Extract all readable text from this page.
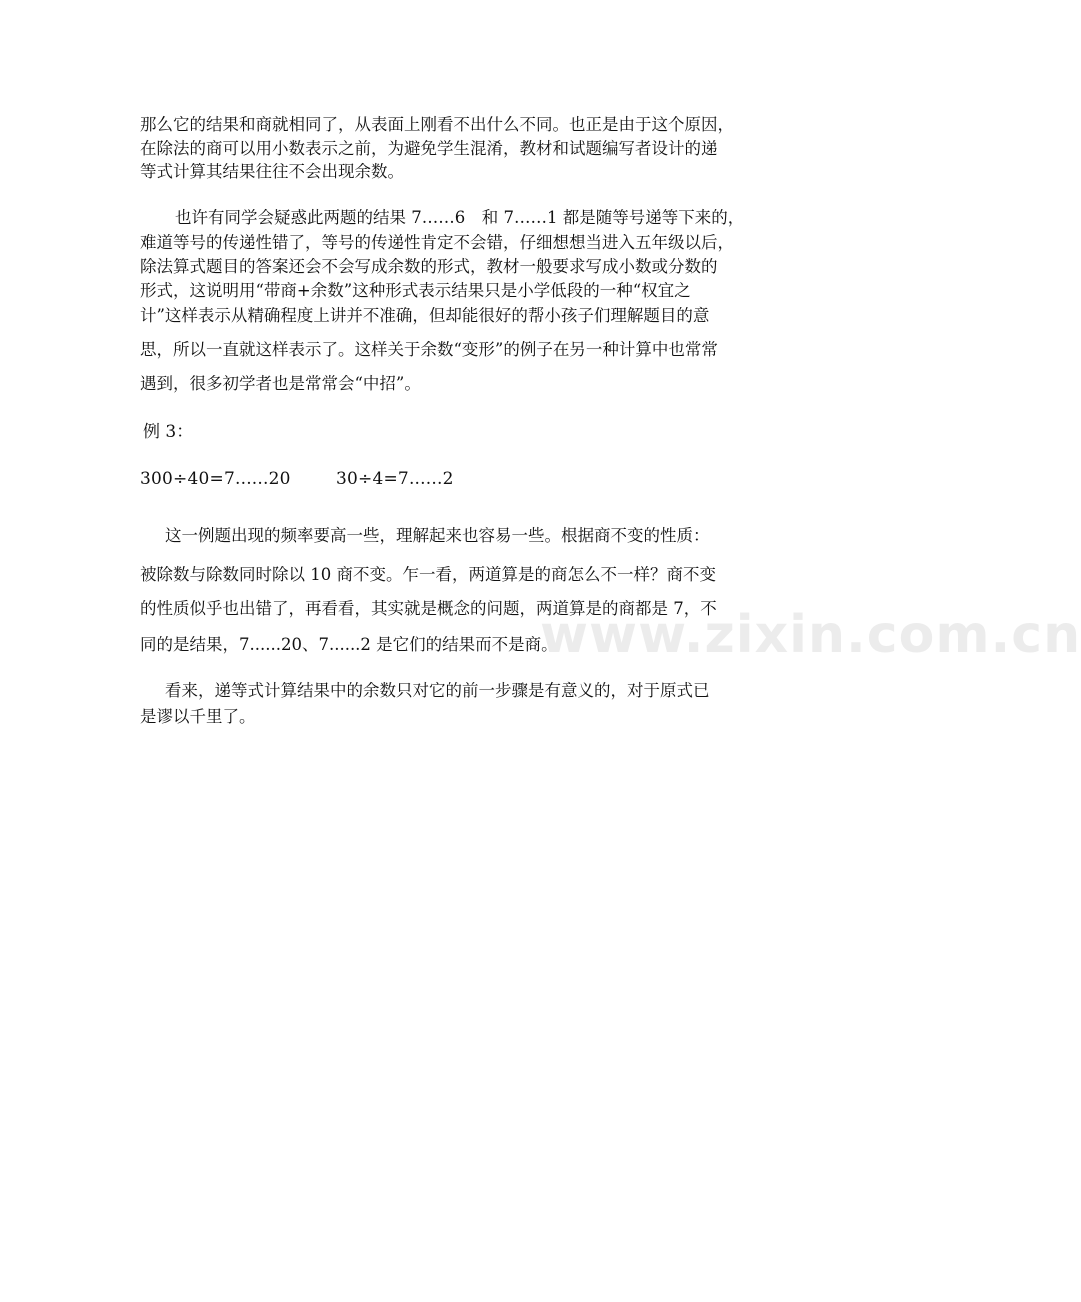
那么它的结果和商就相同了，从表面上刚看不出什么不同。也正是由于这个原因，
在除法的商可以用小数表示之前，为避免学生混淆，教材和试题编写者设计的递
等式计算其结果往往不会出现余数。
也许有同学会疑惑此两题的结果 7……6　和 7……1 都是随等号递等下来的，
难道等号的传递性错了，等号的传递性肯定不会错，仔细想想当进入五年级以后，
除法算式题目的答案还会不会写成余数的形式，教材一般要求写成小数或分数的
形式，这说明用“带商+余数”这种形式表示结果只是小学低段的一种“权宜之
计”这样表示从精确程度上讲并不准确，但却能很好的帮小孩子们理解题目的意
思，所以一直就这样表示了。这样关于余数“变形”的例子在另一种计算中也常常
遇到，很多初学者也是常常会“中招”。
例 3：
300÷40=7......20	30÷4=7......2
这一例题出现的频率要高一些，理解起来也容易一些。根据商不变的性质：
被除数与除数同时除以 10 商不变。乍一看，两道算是的商怎么不一样？商不变
的性质似乎也出错了，再看看，其实就是概念的问题，两道算是的商都是 7，不
同的是结果，7......20、7......2 是它们的结果而不是商。
看来，递等式计算结果中的余数只对它的前一步骤是有意义的，对于原式已
是谬以千里了。
www.zixin.com.cn
